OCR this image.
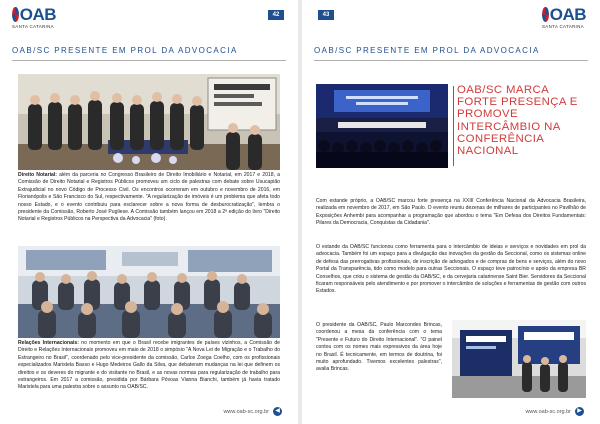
OAB
SANTA CATARINA
42
OAB/SC PRESENTE EM PROL DA ADVOCACIA
Direito Notarial: além da parceria no Congresso Brasileiro de Direito Imobiliário e Notarial, em 2017 e 2018, a Comissão de Direito Notarial e Registros Públicos promoveu um ciclo de palestras com debate sobre Usucapião Extrajudicial no novo Código de Processo Civil. Os encontros ocorreram em outubro e novembro de 2016, em Florianópolis e São Francisco do Sul, respectivamente. "A regularização de imóveis é um problema que afeta todo nosso Estado, e o evento contribuiu para esclarecer sobre a nova forma de desburocratização", lembra o presidente da Comissão, Roberto José Pugliese. A Comissão também lançou em 2018 a 2ª edição do livro "Direito Notarial e Registros Públicos na Perspectiva da Advocacia" (foto).
Relações Internacionais: no momento em que o Brasil recebe imigrantes de países vizinhos, a Comissão de Direito e Relações Internacionais promoveu em maio de 2018 o simpósio "A Nova Lei de Migração e o Trabalho do Estrangeiro no Brasil", coordenado pelo vice-presidente da comissão, Carlos Zoega Coelho, com os profissionais especializados Maristela Basso e Hugo Medeiros Gallo da Silva, que debateram mudanças na lei que definem os direitos e os deveres do migrante e do visitante no Brasil, e as novas normas para regularização de trabalho para estrangeiros. Em 2017 a comissão, presidida por Bárbara Póvoas Vianna Bianchi, também já havia tratado Maristela para uma palestra sobre o assunto na OAB/SC.
www.oab-sc.org.br	◀
43	OAB
SANTA CATARINA
OAB/SC PRESENTE EM PROL DA ADVOCACIA
OAB/SC MARCA FORTE PRESENÇA E PROMOVE INTERCÂMBIO NA CONFERÊNCIA NACIONAL
Com estande próprio, a OAB/SC marcou forte presença na XXIII Conferência Nacional da Advocacia Brasileira, realizada em novembro de 2017, em São Paulo. O evento reuniu dezenas de milhares de participantes no Pavilhão de Exposições Anhembi para acompanhar a programação que abordou o tema "Em Defesa dos Direitos Fundamentais: Pilares da Democracia, Conquistas da Cidadania".
O estande da OAB/SC funcionou como ferramenta para o intercâmbio de ideias e serviços e novidades em prol da advocacia. Também foi um espaço para a divulgação das inovações da gestão da Seccional, como os sistemas online de defesa das prerrogativas profissionais, de inscrição de advogados e de compras de bens e serviços, além do novo Portal da Transparência, tido como modelo para outras Seccionais. O espaço teve patrocínio e apoio da empresa BR Conselhos, que criou o sistema de gestão da OAB/SC, e da cervejaria catarinense Saint Bier. Servidores da Seccional ficaram responsáveis pelo atendimento e por promover o intercâmbio de soluções e ferramentas de gestão com outros Estados.
O presidente da OAB/SC, Paulo Marcondes Brincas, coordenou a mesa da conferência com o tema "Presente e Futuro do Direito Internacional". "O painel contou com os nomes mais expressivos da área hoje no Brasil. É tecnicamente, em termos de doutrina, foi muito aprofundado. Tivemos excelentes palestras", avalia Brincas.
www.oab-sc.org.br	▶
